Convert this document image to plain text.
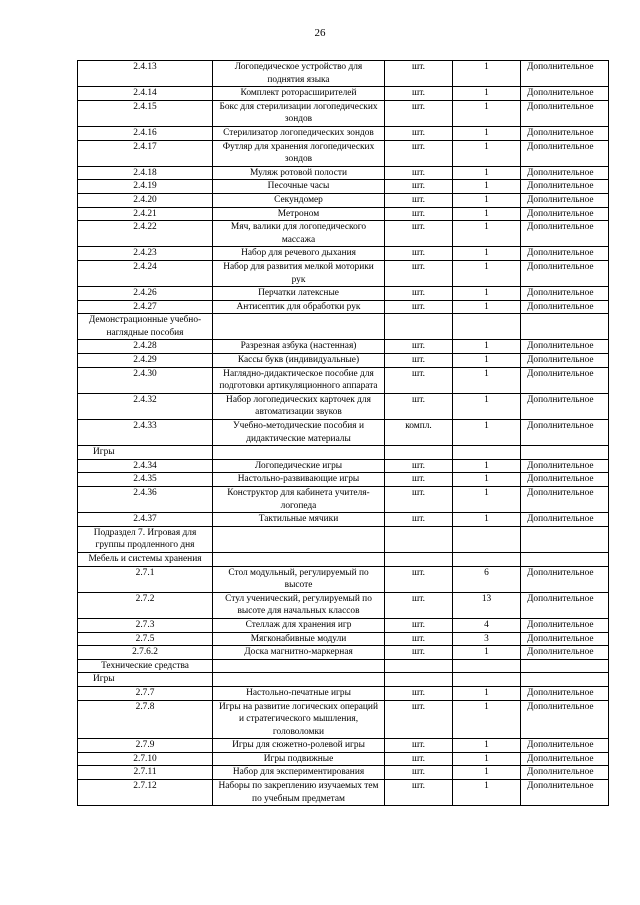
26
2.4.13	Логопедическое устройство для поднятия языка	шт.	1	Дополнительное
2.4.14	Комплект роторасширителей	шт.	1	Дополнительное
2.4.15	Бокс для стерилизации логопедических зондов	шт.	1	Дополнительное
2.4.16	Стерилизатор логопедических зондов	шт.	1	Дополнительное
2.4.17	Футляр для хранения логопедических зондов	шт.	1	Дополнительное
2.4.18	Муляж ротовой полости	шт.	1	Дополнительное
2.4.19	Песочные часы	шт.	1	Дополнительное
2.4.20	Секундомер	шт.	1	Дополнительное
2.4.21	Метроном	шт.	1	Дополнительное
2.4.22	Мяч, валики для логопедического массажа	шт.	1	Дополнительное
2.4.23	Набор для речевого дыхания	шт.	1	Дополнительное
2.4.24	Набор для развития мелкой моторики рук	шт.	1	Дополнительное
2.4.26	Перчатки латексные	шт.	1	Дополнительное
2.4.27	Антисептик для обработки рук	шт.	1	Дополнительное
Демонстрационные учебно-наглядные пособия				
2.4.28	Разрезная азбука (настенная)	шт.	1	Дополнительное
2.4.29	Кассы букв (индивидуальные)	шт.	1	Дополнительное
2.4.30	Наглядно-дидактическое пособие для подготовки артикуляционного аппарата	шт.	1	Дополнительное
2.4.32	Набор логопедических карточек для автоматизации звуков	шт.	1	Дополнительное
2.4.33	Учебно-методические пособия и дидактические материалы	компл.	1	Дополнительное
Игры				
2.4.34	Логопедические игры	шт.	1	Дополнительное
2.4.35	Настольно-развивающие игры	шт.	1	Дополнительное
2.4.36	Конструктор для кабинета учителя-логопеда	шт.	1	Дополнительное
2.4.37	Тактильные мячики	шт.	1	Дополнительное
Подраздел 7. Игровая для группы продленного дня				
Мебель и системы хранения				
2.7.1	Стол модульный, регулируемый по высоте	шт.	6	Дополнительное
2.7.2	Стул ученический, регулируемый по высоте для начальных классов	шт.	13	Дополнительное
2.7.3	Стеллаж для хранения игр	шт.	4	Дополнительное
2.7.5	Мягконабивные модули	шт.	3	Дополнительное
2.7.6.2	Доска магнитно-маркерная	шт.	1	Дополнительное
Технические средства				
Игры				
2.7.7	Настольно-печатные игры	шт.	1	Дополнительное
2.7.8	Игры на развитие логических операций и стратегического мышления, головоломки	шт.	1	Дополнительное
2.7.9	Игры для сюжетно-ролевой игры	шт.	1	Дополнительное
2.7.10	Игры подвижные	шт.	1	Дополнительное
2.7.11	Набор для экспериментирования	шт.	1	Дополнительное
2.7.12	Наборы по закреплению изучаемых тем по учебным предметам	шт.	1	Дополнительное
